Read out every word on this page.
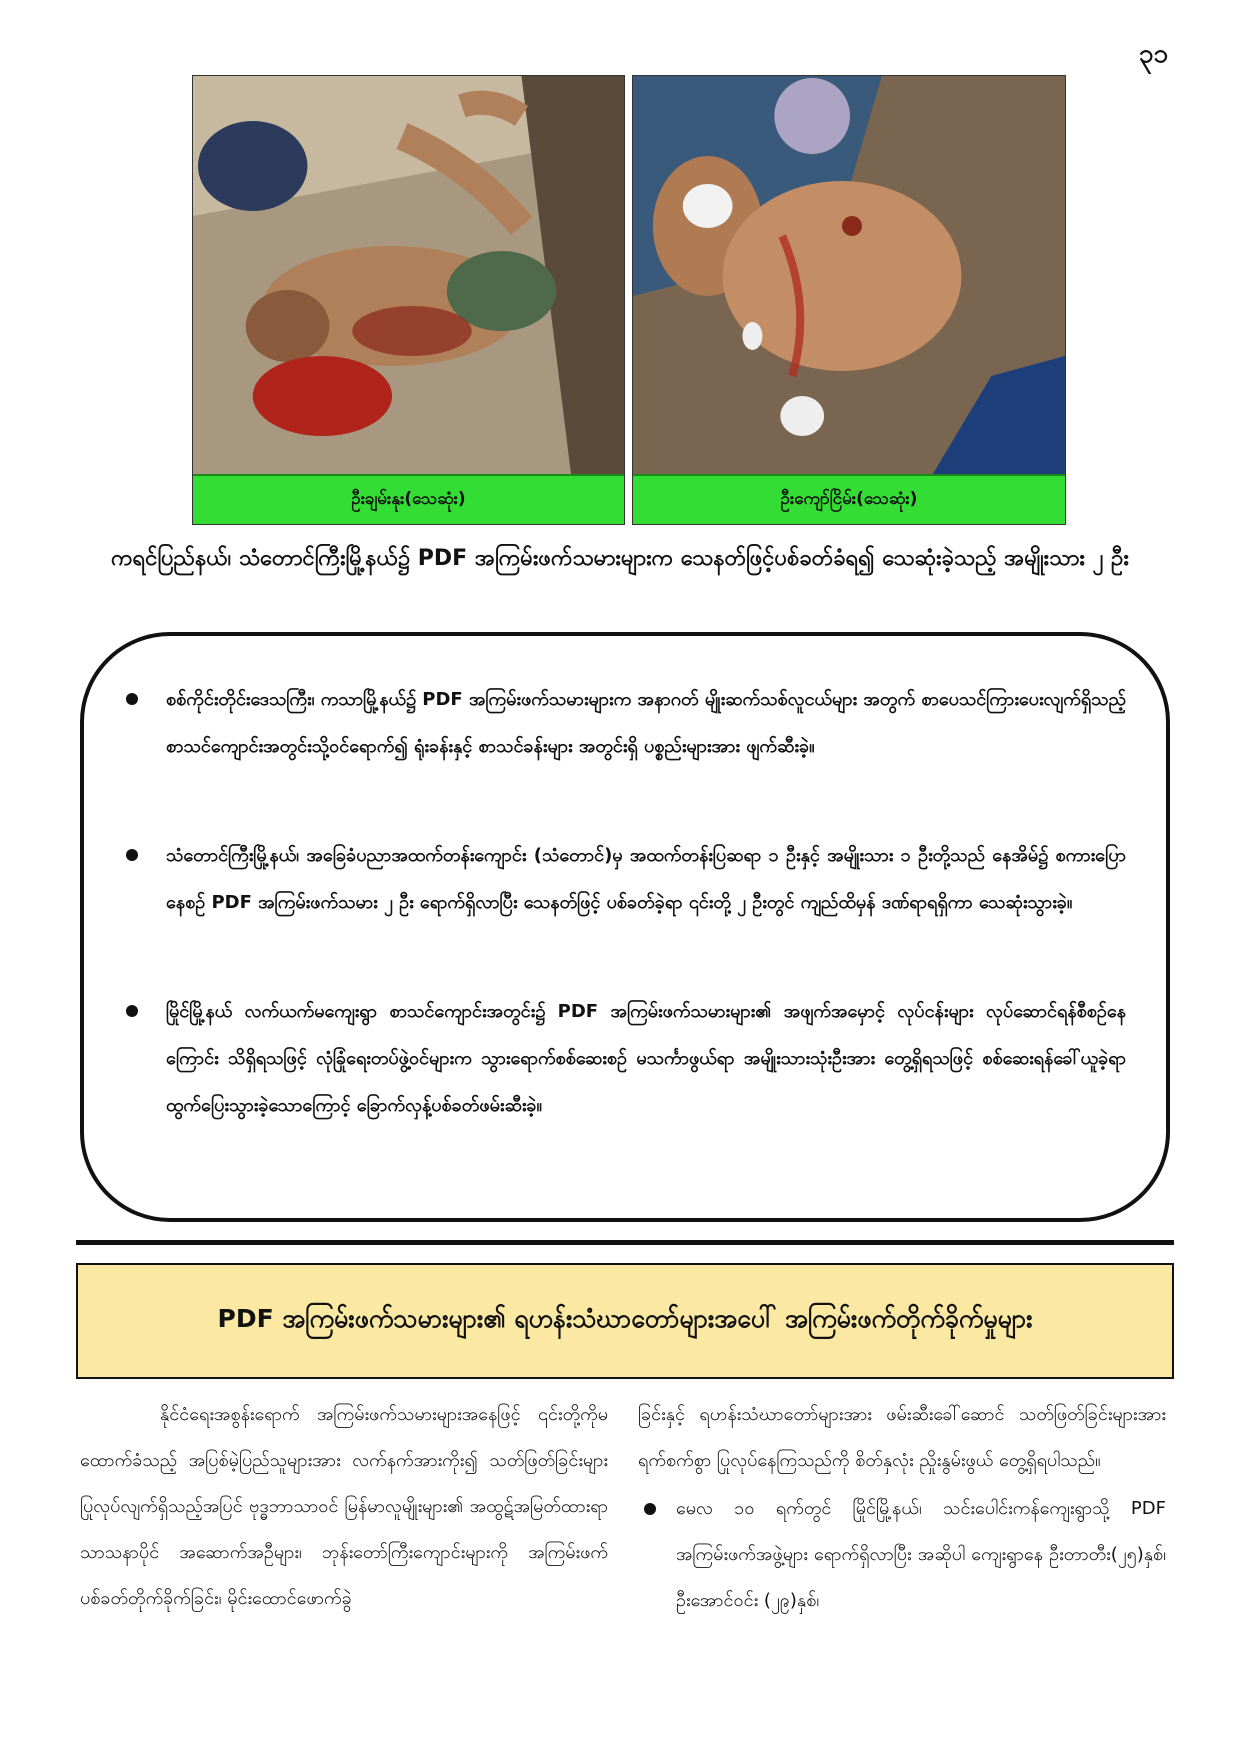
၃၁
ဦးချမ်းနုး(သေဆုံး)	ဦးကျော်ငြိမ်း(သေဆုံး)
ကရင်ပြည်နယ်၊ သံတောင်ကြီးမြို့နယ်၌ PDF အကြမ်းဖက်သမားများက သေနတ်ဖြင့်ပစ်ခတ်ခံရ၍ သေဆုံးခဲ့သည့် အမျိုးသား ၂ ဦး
စစ်ကိုင်းတိုင်းဒေသကြီး၊ ကသာမြို့နယ်၌ PDF အကြမ်းဖက်သမားများက အနာဂတ် မျိုးဆက်သစ်လူငယ်များ အတွက် စာပေသင်ကြားပေးလျက်ရှိသည့် စာသင်ကျောင်းအတွင်းသို့ဝင်ရောက်၍ ရုံးခန်းနှင့် စာသင်ခန်းများ အတွင်းရှိ ပစ္စည်းများအား ဖျက်ဆီးခဲ့။
သံတောင်ကြီးမြို့နယ်၊ အခြေခံပညာအထက်တန်းကျောင်း (သံတောင်)မှ အထက်တန်းပြဆရာ ၁ ဦးနှင့် အမျိုးသား ၁ ဦးတို့သည် နေအိမ်၌ စကားပြောနေစဉ် PDF အကြမ်းဖက်သမား ၂ ဦး ရောက်ရှိလာပြီး သေနတ်ဖြင့် ပစ်ခတ်ခဲ့ရာ ၎င်းတို့ ၂ ဦးတွင် ကျည်ထိမှန် ဒဏ်ရာရရှိကာ သေဆုံးသွားခဲ့။
မြိုင်မြို့နယ် လက်ယက်မကျေးရွာ စာသင်ကျောင်းအတွင်း၌ PDF အကြမ်းဖက်သမားများ၏ အဖျက်အမှောင့် လုပ်ငန်းများ လုပ်ဆောင်ရန်စီစဉ်နေကြောင်း သိရှိရသဖြင့် လုံခြုံရေးတပ်ဖွဲ့ဝင်များက သွားရောက်စစ်ဆေးစဉ် မသင်္ကာဖွယ်ရာ အမျိုးသားသုံးဦးအား တွေ့ရှိရသဖြင့် စစ်ဆေးရန်ခေါ်ယူခဲ့ရာ ထွက်ပြေးသွားခဲ့သောကြောင့် ခြောက်လှန့်ပစ်ခတ်ဖမ်းဆီးခဲ့။
PDF အကြမ်းဖက်သမားများ၏ ရဟန်းသံဃာတော်များအပေါ် အကြမ်းဖက်တိုက်ခိုက်မှုများ

နိုင်ငံရေးအစွန်းရောက် အကြမ်းဖက်သမားများအနေဖြင့် ၎င်းတို့ကိုမထောက်ခံသည့် အပြစ်မဲ့ပြည်သူများအား လက်နက်အားကိုး၍ သတ်ဖြတ်ခြင်းများ ပြုလုပ်လျက်ရှိသည့်အပြင် ဗုဒ္ဓဘာသာဝင် မြန်မာလူမျိုးများ၏ အထွဋ်အမြတ်ထားရာ သာသနာပိုင် အဆောက်အဦများ၊ ဘုန်းတော်ကြီးကျောင်းများကို အကြမ်းဖက်ပစ်ခတ်တိုက်ခိုက်ခြင်း၊ မိုင်းထောင်ဖောက်ခွဲ

ခြင်းနှင့် ရဟန်းသံဃာတော်များအား ဖမ်းဆီးခေါ်ဆောင် သတ်ဖြတ်ခြင်းများအား ရက်စက်စွာ ပြုလုပ်နေကြသည်ကို စိတ်နှလုံး ညှိုးနွမ်းဖွယ် တွေ့ရှိရပါသည်။

မေလ ၁၀ ရက်တွင် မြိုင်မြို့နယ်၊ သင်းပေါင်းကန်ကျေးရွာသို့ PDF အကြမ်းဖက်အဖွဲ့များ ရောက်ရှိလာပြီး အဆိုပါ ကျေးရွာနေ ဦးတာတီး(၂၅)နှစ်၊ ဦးအောင်ဝင်း (၂၉)နှစ်၊
